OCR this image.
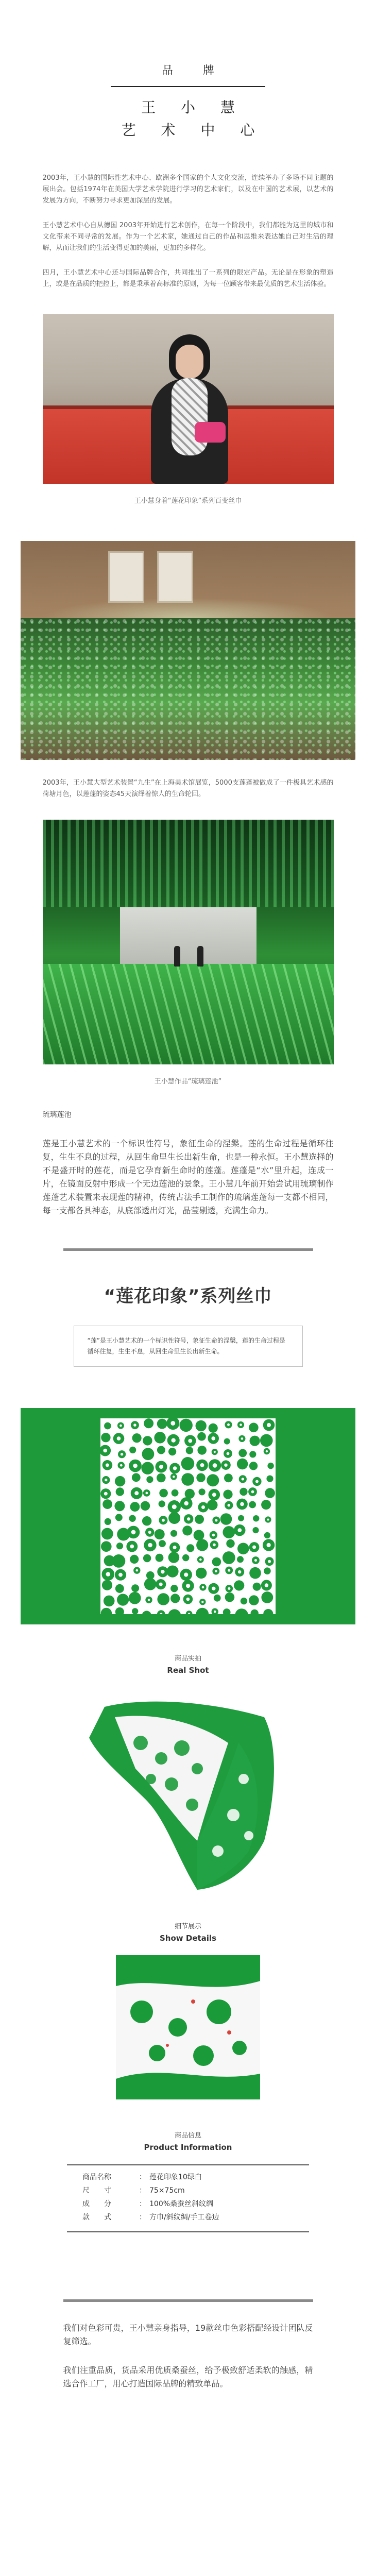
品　牌
王 小 慧
艺 术 中 心

2003年，王小慧的国际性艺术中心、欧洲多个国家的个人文化交流，连续举办了多场不同主题的展出会。包括1974年在美国大学艺术学院进行学习的艺术家们，以及在中国的艺术展，以艺术的发展为方向，不断努力寻求更加深层的发展。

王小慧艺术中心自从德国 2003年开始进行艺术创作，在每一个阶段中，我们都能为这里的城市和文化带来不同寻常的发展。作为一个艺术家，她通过自己的作品和思维来表达她自己对生活的理解，从而让我们的生活变得更加的美丽，更加的多样化。

四月，王小慧艺术中心还与国际品牌合作，共同推出了一系列的限定产品。无论是在形象的塑造上，或是在品质的把控上，都是秉承着高标准的原则，为每一位顾客带来最优质的艺术生活体验。

王小慧身着“莲花印象”系列百变丝巾

2003年，王小慧大型艺术装置“九生”在上海美术馆展览，5000支莲蓬被做成了一件极具艺术感的荷塘月色，以莲蓬的姿态45天演绎着惊人的生命轮回。

王小慧作品“琉璃莲池”
琉璃莲池

莲是王小慧艺术的一个标识性符号，象征生命的涅槃。莲的生命过程是循环往复，生生不息的过程，从回生命里生长出新生命，也是一种永恒。王小慧选择的不是盛开时的莲花，而是它孕育新生命时的莲蓬。莲蓬是“水”里升起，连成一片，在镜面反射中形成一个无边莲池的景象。王小慧几年前开始尝试用琉璃制作莲蓬艺术装置来表现莲的精神，传统古法手工制作的琉璃莲蓬每一支都不相同，每一支都各具神态，从底部透出灯光，晶莹剔透，充满生命力。

“莲花印象”系列丝巾
“莲”是王小慧艺术的一个标识性符号，象征生命的涅槃，莲的生命过程是循环往复，生生不息，从回生命里生长出新生命。
商品实拍
Real Shot
细节展示
Show Details
商品信息
Product Information
商品名称	： 莲花印象10绿白
尺　　寸	： 75×75cm
成　　分	： 100%桑蚕丝斜纹绸
款　　式	： 方巾/斜纹绸/手工卷边

我们对色彩可贵，王小慧亲身指导，19款丝巾色彩搭配经设计团队反复筛选。

我们注重品质，货品采用优质桑蚕丝，给予极致舒适柔软的触感，精选合作工厂，用心打造国际品牌的精致单品。
